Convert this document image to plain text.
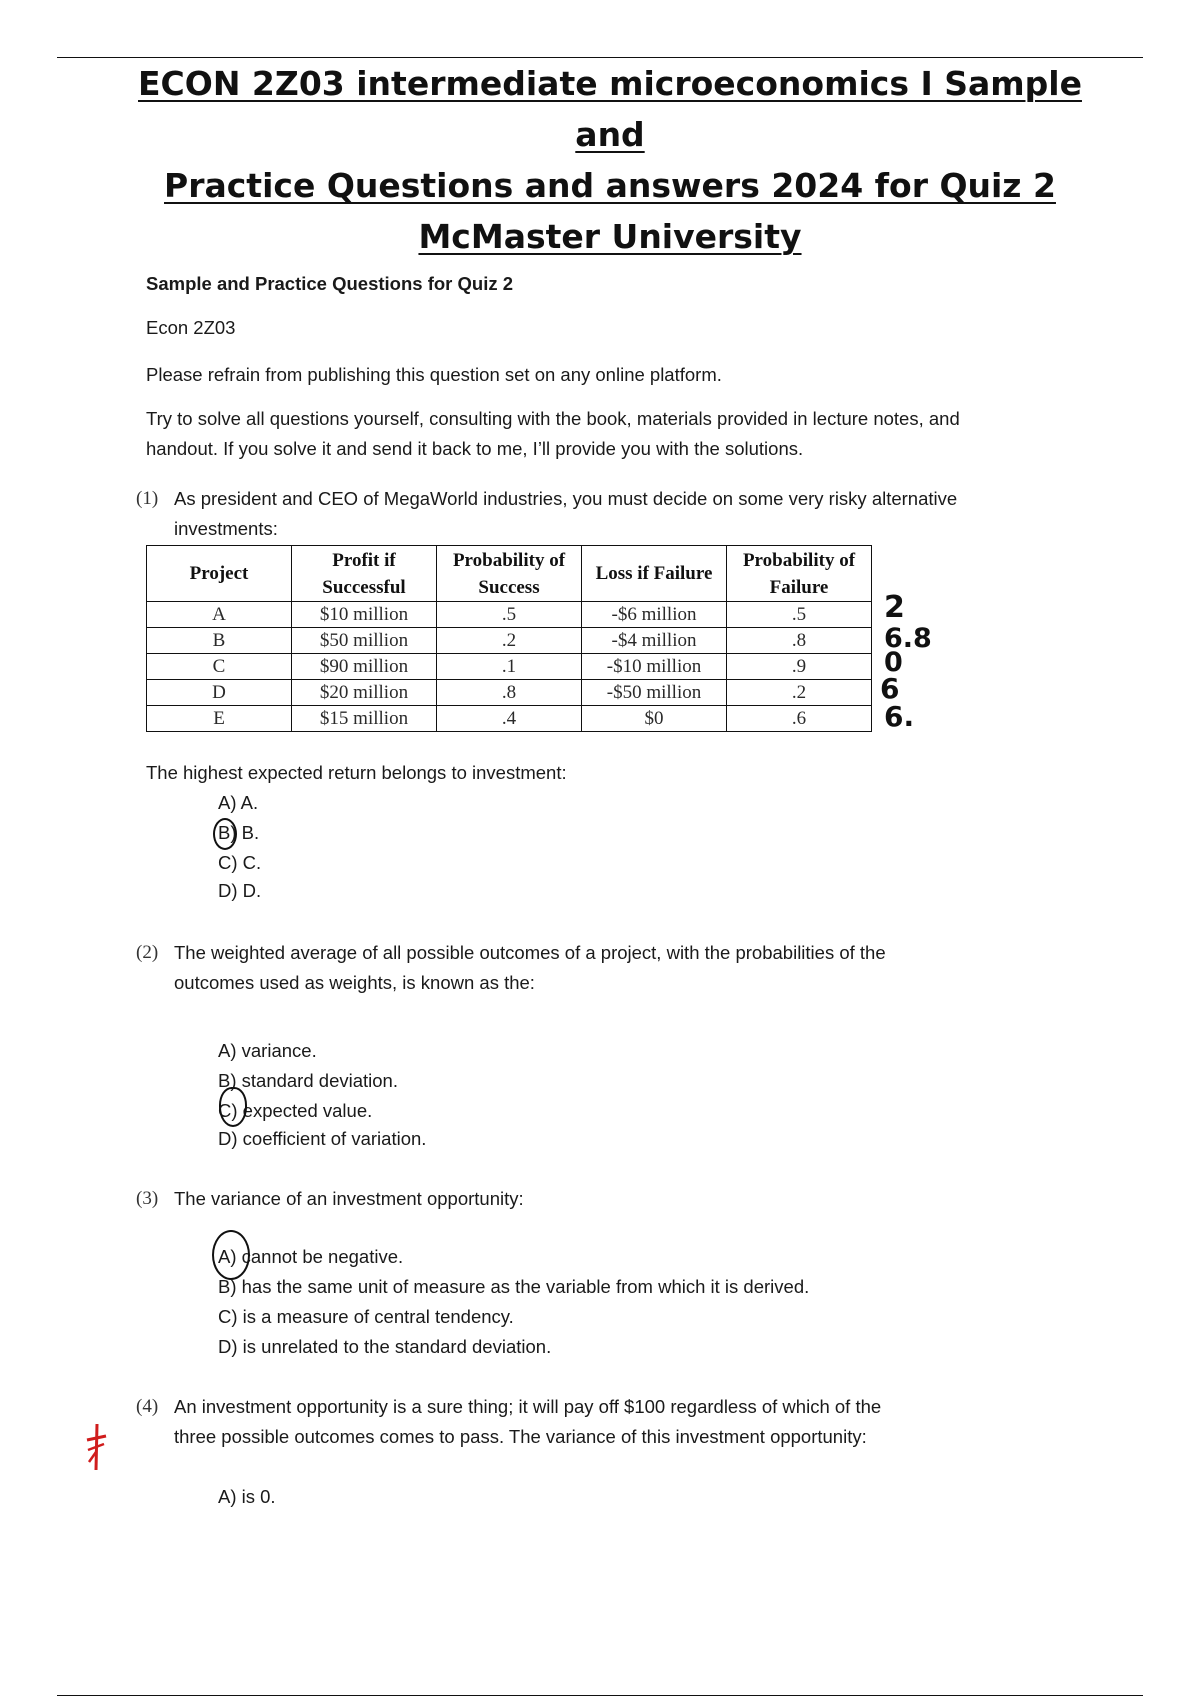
ECON 2Z03 intermediate microeconomics I Sample and
Practice Questions and answers 2024 for Quiz 2
McMaster University
Sample and Practice Questions for Quiz 2
Econ 2Z03
Please refrain from publishing this question set on any online platform.
Try to solve all questions yourself, consulting with the book, materials provided in lecture notes, and
handout. If you solve it and send it back to me, I’ll provide you with the solutions.
(1) As president and CEO of MegaWorld industries, you must decide on some very risky alternative
investments:
Project	Profit if Successful	Probability of Success	Loss if Failure	Probability of Failure

A	$10 million	.5	-$6 million	.5
B	$50 million	.2	-$4 million	.8
C	$90 million	.1	-$10 million	.9
D	$20 million	.8	-$50 million	.2
E	$15 million	.4	$0	.6
2
6.8
0
6
6.
The highest expected return belongs to investment:
A) A.
B) B.
C) C.
D) D.
(2) The weighted average of all possible outcomes of a project, with the probabilities of the
outcomes used as weights, is known as the:
A) variance.
B) standard deviation.
C) expected value.
D) coefficient of variation.
(3) The variance of an investment opportunity:
A) cannot be negative.
B) has the same unit of measure as the variable from which it is derived.
C) is a measure of central tendency.
D) is unrelated to the standard deviation.
(4) An investment opportunity is a sure thing; it will pay off $100 regardless of which of the
three possible outcomes comes to pass. The variance of this investment opportunity:
A) is 0.
